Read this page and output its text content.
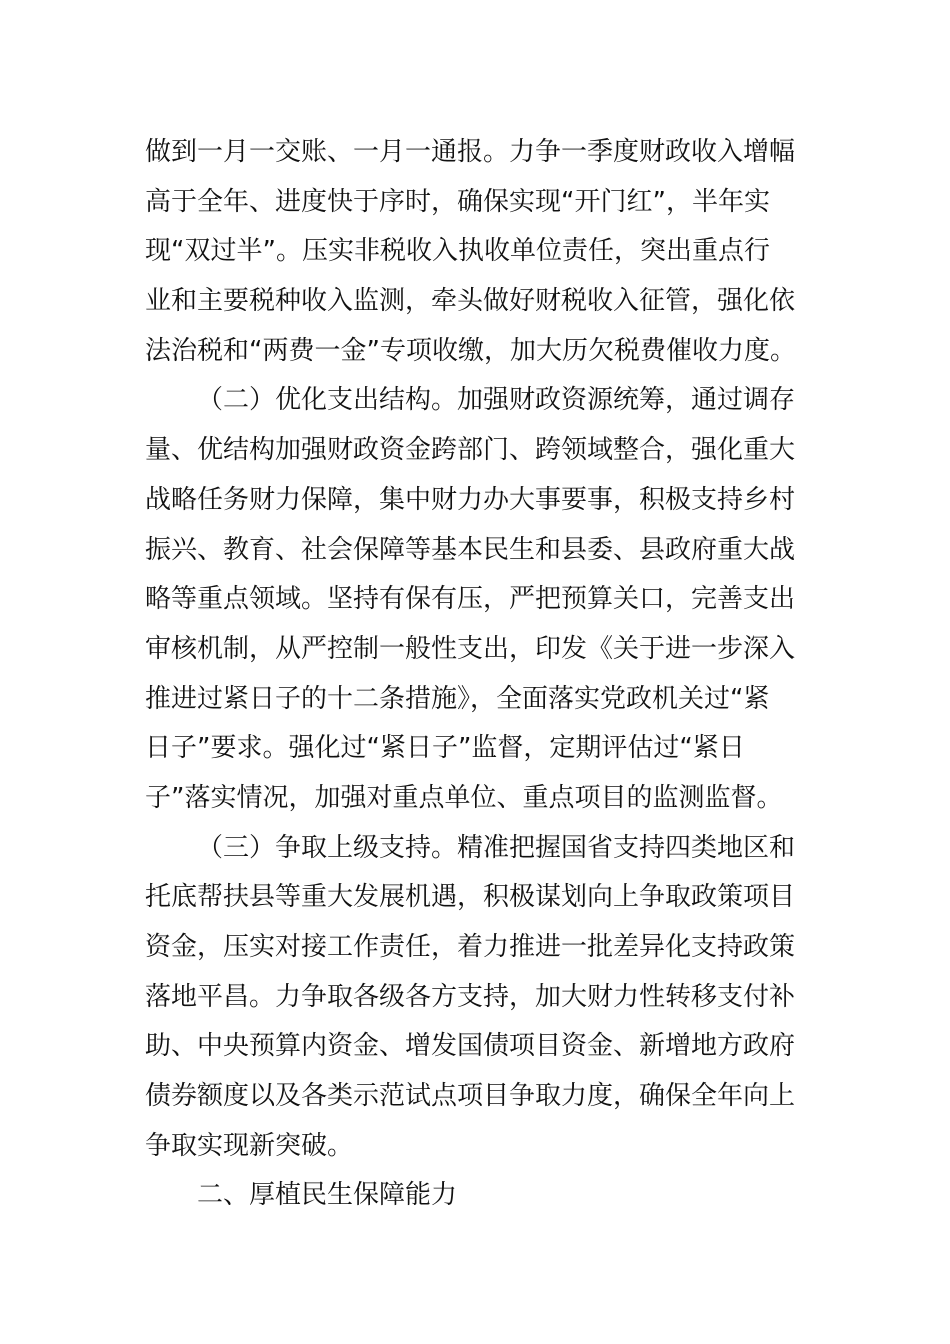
做到一月一交账、一月一通报。力争一季度财政收入增幅
高于全年、进度快于序时，确保实现“开门红”，半年实
现“双过半”。压实非税收入执收单位责任，突出重点行
业和主要税种收入监测，牵头做好财税收入征管，强化依
法治税和“两费一金”专项收缴，加大历欠税费催收力度。
（二）优化支出结构。加强财政资源统筹，通过调存
量、优结构加强财政资金跨部门、跨领域整合，强化重大
战略任务财力保障，集中财力办大事要事，积极支持乡村
振兴、教育、社会保障等基本民生和县委、县政府重大战
略等重点领域。坚持有保有压，严把预算关口，完善支出
审核机制，从严控制一般性支出，印发《关于进一步深入
推进过紧日子的十二条措施》，全面落实党政机关过“紧
日子”要求。强化过“紧日子”监督，定期评估过“紧日
子”落实情况，加强对重点单位、重点项目的监测监督。
（三）争取上级支持。精准把握国省支持四类地区和
托底帮扶县等重大发展机遇，积极谋划向上争取政策项目
资金，压实对接工作责任，着力推进一批差异化支持政策
落地平昌。力争取各级各方支持，加大财力性转移支付补
助、中央预算内资金、增发国债项目资金、新增地方政府
债券额度以及各类示范试点项目争取力度，确保全年向上
争取实现新突破。
二、厚植民生保障能力
